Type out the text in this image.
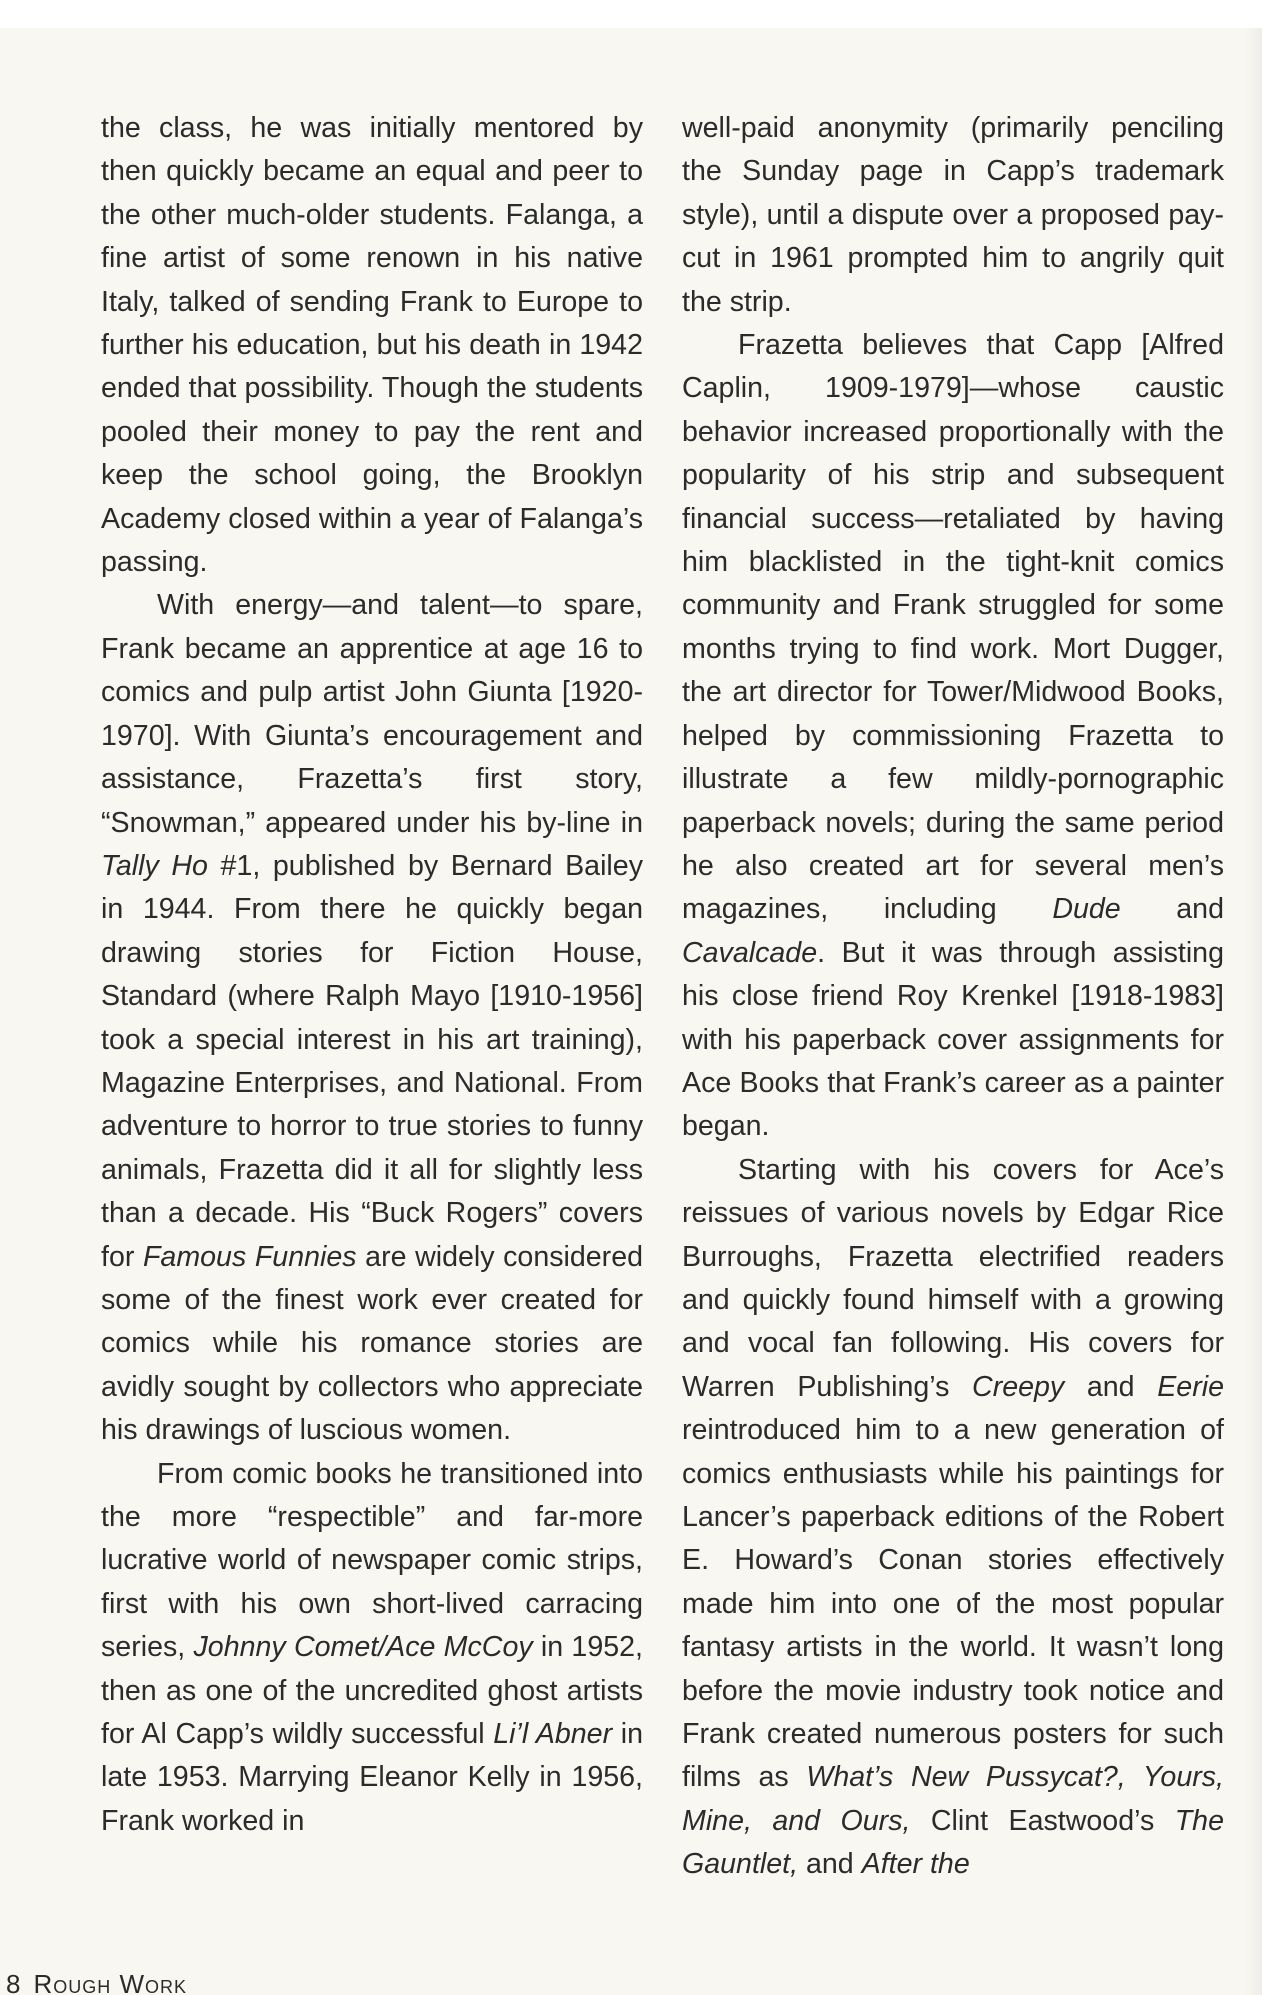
the class, he was initially mentored by then quickly became an equal and peer to the other much-older students. Falanga, a fine artist of some renown in his native Italy, talked of sending Frank to Europe to further his education, but his death in 1942 ended that possibility. Though the students pooled their money to pay the rent and keep the school going, the Brooklyn Academy closed within a year of Falanga’s passing.

With energy—and talent—to spare, Frank became an apprentice at age 16 to comics and pulp artist John Giunta [1920-1970]. With Giunta’s encouragement and assistance, Frazetta’s first story, “Snowman,” appeared under his by-line in Tally Ho #1, published by Bernard Bailey in 1944. From there he quickly began drawing stories for Fiction House, Standard (where Ralph Mayo [1910-1956] took a special interest in his art training), Magazine Enterprises, and National. From adventure to horror to true stories to funny animals, Frazetta did it all for slightly less than a decade. His “Buck Rogers” covers for Famous Funnies are widely considered some of the finest work ever created for comics while his romance stories are avidly sought by collectors who appreciate his drawings of luscious women.

From comic books he transitioned into the more “respectible” and far-more lucrative world of newspaper comic strips, first with his own short-lived carracing series, Johnny Comet/Ace McCoy in 1952, then as one of the uncredited ghost artists for Al Capp’s wildly successful Li’l Abner in late 1953. Marrying Eleanor Kelly in 1956, Frank worked in

well-paid anonymity (primarily penciling the Sunday page in Capp’s trademark style), until a dispute over a proposed pay-cut in 1961 prompted him to angrily quit the strip.

Frazetta believes that Capp [Alfred Caplin, 1909-1979]—whose caustic behavior increased proportionally with the popularity of his strip and subsequent financial success—retaliated by having him blacklisted in the tight-knit comics community and Frank struggled for some months trying to find work. Mort Dugger, the art director for Tower/Midwood Books, helped by commissioning Frazetta to illustrate a few mildly-pornographic paperback novels; during the same period he also created art for several men’s magazines, including Dude and Cavalcade. But it was through assisting his close friend Roy Krenkel [1918-1983] with his paperback cover assignments for Ace Books that Frank’s career as a painter began.

Starting with his covers for Ace’s reissues of various novels by Edgar Rice Burroughs, Frazetta electrified readers and quickly found himself with a growing and vocal fan following. His covers for Warren Publishing’s Creepy and Eerie reintroduced him to a new generation of comics enthusiasts while his paintings for Lancer’s paperback editions of the Robert E. Howard’s Conan stories effectively made him into one of the most popular fantasy artists in the world. It wasn’t long before the movie industry took notice and Frank created numerous posters for such films as What’s New Pussycat?, Yours, Mine, and Ours, Clint Eastwood’s The Gauntlet, and After the

8 Rough Work
